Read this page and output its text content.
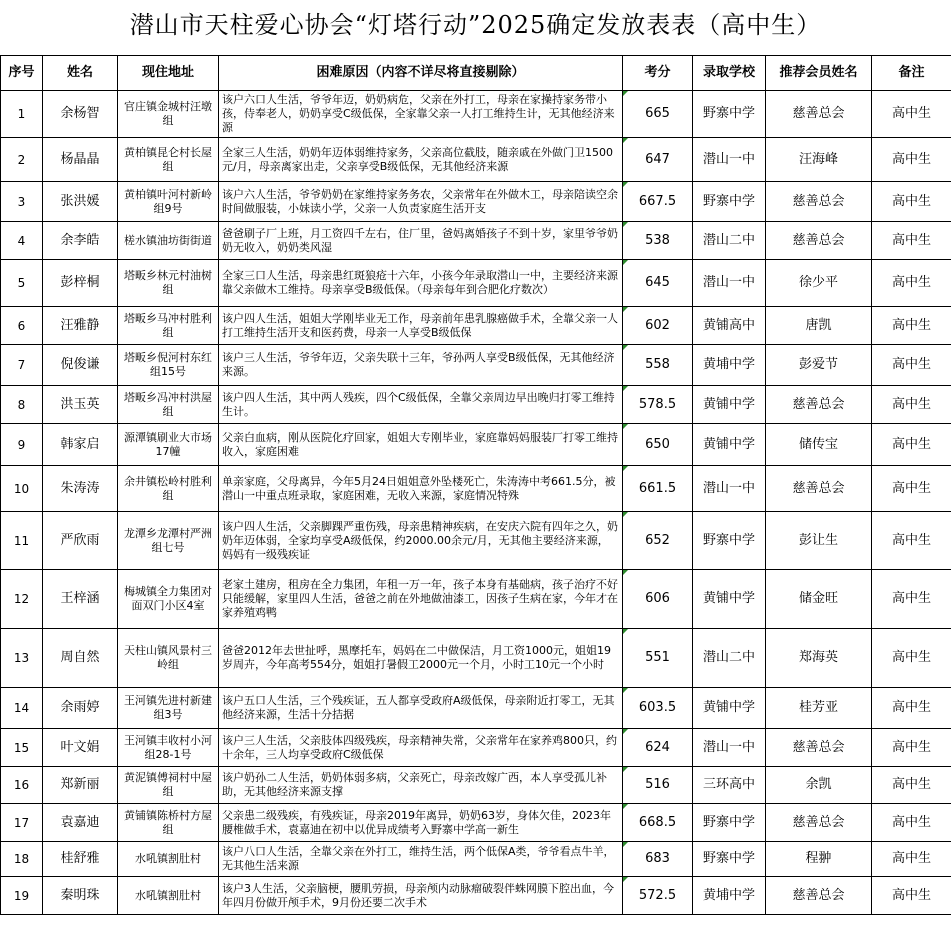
潜山市天柱爱心协会“灯塔行动”2025确定发放表表（高中生）
序号	姓名	现住地址	困难原因（内容不详尽将直接剔除）	考分	录取学校	推荐会员姓名	备注
1	余杨智	官庄镇金城村汪墩组	该户六口人生活，爷爷年迈，奶奶病危，父亲在外打工，母亲在家操持家务带小孩，侍奉老人，奶奶享受C级低保，全家靠父亲一人打工维持生计，无其他经济来源	665	野寨中学	慈善总会	高中生
2	杨晶晶	黄柏镇昆仑村长屋组	全家三人生活，奶奶年迈体弱维持家务，父亲高位截肢，随亲戚在外做门卫1500元/月，母亲离家出走，父亲享受B级低保，无其他经济来源	647	潜山一中	汪海峰	高中生
3	张洪媛	黄柏镇叶河村新岭组9号	该户六人生活，爷爷奶奶在家维持家务务农，父亲常年在外做木工，母亲陪读空余时间做服装，小妹读小学，父亲一人负责家庭生活开支	667.5	野寨中学	慈善总会	高中生
4	余李皓	槎水镇油坊街街道	爸爸刷子厂上班，月工资四千左右，住厂里，爸妈离婚孩子不到十岁，家里爷爷奶奶无收入，奶奶类风湿	538	潜山二中	慈善总会	高中生
5	彭梓桐	塔畈乡林元村油树组	全家三口人生活，母亲患红斑狼疮十六年，小孩今年录取潜山一中，主要经济来源靠父亲做木工维持。母亲享受B级低保。（母亲每年到合肥化疗数次）	645	潜山一中	徐少平	高中生
6	汪雅静	塔畈乡马冲村胜利组	该户四人生活，姐姐大学刚毕业无工作，母亲前年患乳腺癌做手术，全靠父亲一人打工维持生活开支和医药费，母亲一人享受B级低保	602	黄铺高中	唐凯	高中生
7	倪俊谦	塔畈乡倪河村东红组15号	该户三人生活，爷爷年迈，父亲失联十三年，爷孙两人享受B级低保，无其他经济来源。	558	黄埔中学	彭爱节	高中生
8	洪玉英	塔畈乡冯冲村洪屋组	该户四人生活，其中两人残疾，四个C级低保，全靠父亲周边早出晚归打零工维持生计。	578.5	黄铺中学	慈善总会	高中生
9	韩家启	源潭镇刷业大市场17幢	父亲白血病，刚从医院化疗回家，姐姐大专刚毕业，家庭靠妈妈服装厂打零工维持收入，家庭困难	650	黄铺中学	储传宝	高中生
10	朱涛涛	余井镇松岭村胜利组	单亲家庭，父母离异，今年5月24日姐姐意外坠楼死亡，朱涛涛中考661.5分，被潜山一中重点班录取，家庭困难，无收入来源，家庭情况特殊	661.5	潜山一中	慈善总会	高中生
11	严欣雨	龙潭乡龙潭村严洲组七号	该户四人生活，父亲脚踝严重伤残，母亲患精神疾病，在安庆六院有四年之久，奶奶年迈体弱，全家均享受A级低保，约2000.00余元/月，无其他主要经济来源，妈妈有一级残疾证	652	野寨中学	彭让生	高中生
12	王梓涵	梅城镇全力集团对面双门小区4室	老家土建房，租房在全力集团，年租一万一年，孩子本身有基础病，孩子治疗不好只能缓解，家里四人生活，爸爸之前在外地做油漆工，因孩子生病在家，今年才在家养殖鸡鸭	606	黄铺中学	储金旺	高中生
13	周自然	天柱山镇风景村三岭组	爸爸2012年去世扯呼，黑摩托车，妈妈在二中做保洁，月工资1000元，姐姐19岁周卉，今年高考554分，姐姐打暑假工2000元一个月，小时工10元一个小时	551	潜山二中	郑海英	高中生
14	余雨婷	王河镇先进村新建组3号	该户五口人生活，三个残疾证，五人都享受政府A级低保，母亲附近打零工，无其他经济来源，生活十分拮据	603.5	黄铺中学	桂芳亚	高中生
15	叶文娟	王河镇丰收村小河组28-1号	该户三人生活，父亲肢体四级残疾，母亲精神失常，父亲常年在家养鸡800只，约十余年，三人均享受政府C级低保	624	潜山一中	慈善总会	高中生
16	郑新丽	黄泥镇傅祠村中屋组	该户奶孙二人生活，奶奶体弱多病，父亲死亡，母亲改嫁广西，本人享受孤儿补助，无其他经济来源支撑	516	三环高中	余凯	高中生
17	袁嘉迪	黄铺镇陈桥村方屋组	父亲患二级残疾，有残疾证，母亲2019年离异，奶奶63岁，身体欠佳，2023年腰椎做手术，袁嘉迪在初中以优异成绩考入野寨中学高一新生	668.5	野寨中学	慈善总会	高中生
18	桂舒雅	水吼镇割肚村	该户八口人生活，全靠父亲在外打工，维持生活，两个低保A类，爷爷看点牛羊，无其他生活来源	683	野寨中学	程翀	高中生
19	秦明珠	水吼镇割肚村	该户3人生活，父亲脑梗，腰肌劳损，母亲颅内动脉瘤破裂伴蛛网膜下腔出血，今年四月份做开颅手术，9月份还要二次手术	572.5	黄埔中学	慈善总会	高中生
